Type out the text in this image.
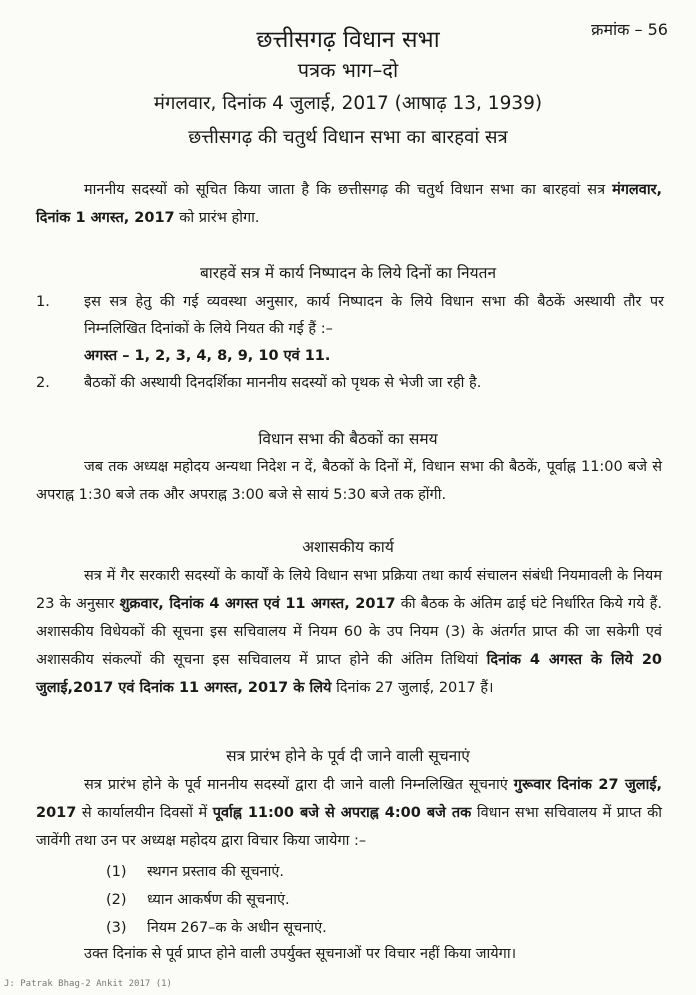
क्रमांक – 56
छत्तीसगढ़ विधान सभा
पत्रक भाग–दो
मंगलवार, दिनांक 4 जुलाई, 2017 (आषाढ़ 13, 1939)
छत्तीसगढ़ की चतुर्थ विधान सभा का बारहवां सत्र
माननीय सदस्यों को सूचित किया जाता है कि छत्तीसगढ़ की चतुर्थ विधान सभा का बारहवां सत्र मंगलवार, दिनांक 1 अगस्त, 2017 को प्रारंभ होगा.
बारहवें सत्र में कार्य निष्पादन के लिये दिनों का नियतन
1. इस सत्र हेतु की गई व्यवस्था अनुसार, कार्य निष्पादन के लिये विधान सभा की बैठकें अस्थायी तौर पर निम्नलिखित दिनांकों के लिये नियत की गई हैं :–
अगस्त – 1, 2, 3, 4, 8, 9, 10 एवं 11.
2. बैठकों की अस्थायी दिनदर्शिका माननीय सदस्यों को पृथक से भेजी जा रही है.
विधान सभा की बैठकों का समय
जब तक अध्यक्ष महोदय अन्यथा निदेश न दें, बैठकों के दिनों में, विधान सभा की बैठकें, पूर्वाह्न 11:00 बजे से अपराह्न 1:30 बजे तक और अपराह्न 3:00 बजे से सायं 5:30 बजे तक होंगी.
अशासकीय कार्य
सत्र में गैर सरकारी सदस्यों के कार्यों के लिये विधान सभा प्रक्रिया तथा कार्य संचालन संबंधी नियमावली के नियम 23 के अनुसार शुक्रवार, दिनांक 4 अगस्त एवं 11 अगस्त, 2017 की बैठक के अंतिम ढाई घंटे निर्धारित किये गये हैं. अशासकीय विधेयकों की सूचना इस सचिवालय में नियम 60 के उप नियम (3) के अंतर्गत प्राप्त की जा सकेगी एवं अशासकीय संकल्पों की सूचना इस सचिवालय में प्राप्त होने की अंतिम तिथियां दिनांक 4 अगस्त के लिये 20 जुलाई,2017 एवं दिनांक 11 अगस्त, 2017 के लिये दिनांक 27 जुलाई, 2017 हैं।
सत्र प्रारंभ होने के पूर्व दी जाने वाली सूचनाएं
सत्र प्रारंभ होने के पूर्व माननीय सदस्यों द्वारा दी जाने वाली निम्नलिखित सूचनाएं गुरूवार दिनांक 27 जुलाई, 2017 से कार्यालयीन दिवसों में पूर्वाह्न 11:00 बजे से अपराह्न 4:00 बजे तक विधान सभा सचिवालय में प्राप्त की जावेंगी तथा उन पर अध्यक्ष महोदय द्वारा विचार किया जायेगा :–
(1) स्थगन प्रस्ताव की सूचनाएं.
(2) ध्यान आकर्षण की सूचनाएं.
(3) नियम 267–क के अधीन सूचनाएं.
उक्त दिनांक से पूर्व प्राप्त होने वाली उपर्युक्त सूचनाओं पर विचार नहीं किया जायेगा।
J: Patrak Bhag-2 Ankit 2017 (1)
